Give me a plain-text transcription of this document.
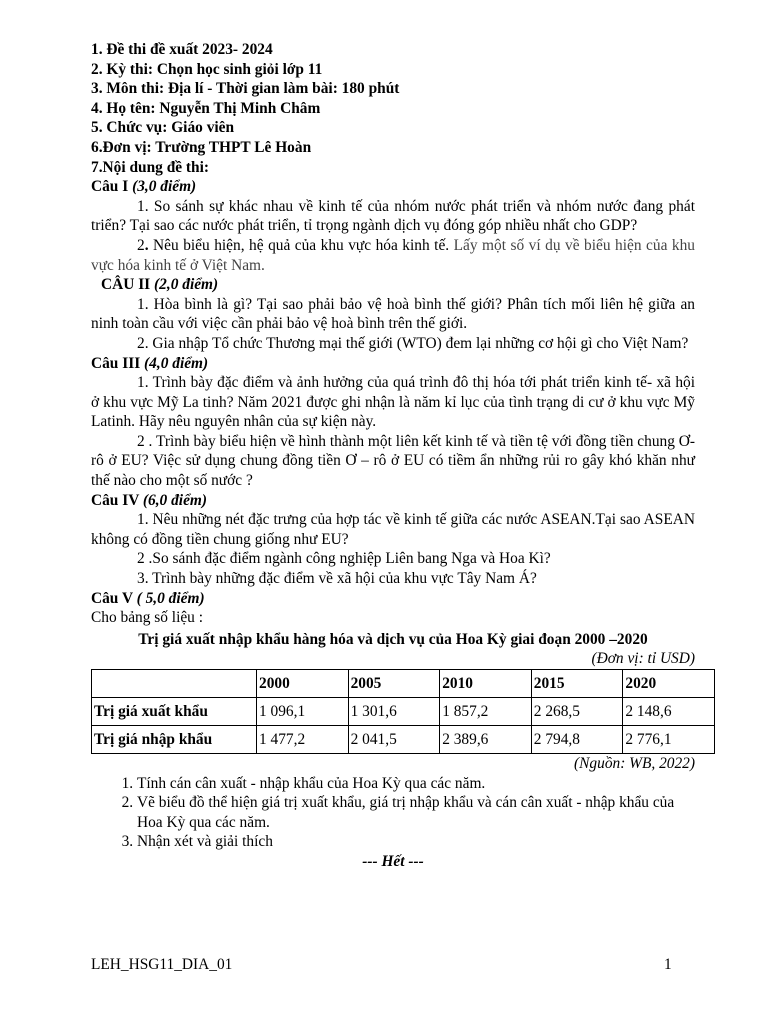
1. Đề thi đề xuất 2023- 2024

2. Kỳ thi: Chọn học sinh giỏi lớp 11

3. Môn thi: Địa lí - Thời gian làm bài: 180 phút

4. Họ tên: Nguyễn Thị Minh Châm

5. Chức vụ: Giáo viên

6.Đơn vị: Trường THPT Lê Hoàn

7.Nội dung đề thi:

Câu I (3,0 điểm)

1. So sánh sự khác nhau về kinh tế của nhóm nước phát triển và nhóm nước đang phát triển? Tại sao các nước phát triển, tỉ trọng ngành dịch vụ đóng góp nhiều nhất cho GDP?

2. Nêu biểu hiện, hệ quả của khu vực hóa kinh tế. Lấy một số ví dụ về biểu hiện của khu vực hóa kinh tế ở Việt Nam.

CÂU II (2,0 điểm)

1. Hòa bình là gì? Tại sao phải bảo vệ hoà bình thế giới? Phân tích mối liên hệ giữa an ninh toàn cầu với việc cần phải bảo vệ hoà bình trên thế giới.

2. Gia nhập Tổ chức Thương mại thế giới (WTO) đem lại những cơ hội gì cho Việt Nam?

Câu III (4,0 điểm)

1. Trình bày đặc điểm và ảnh hưởng của quá trình đô thị hóa tới phát triển kinh tế- xã hội ở khu vực Mỹ La tinh? Năm 2021 được ghi nhận là năm kỉ lục của tình trạng di cư ở khu vực Mỹ Latinh. Hãy nêu nguyên nhân của sự kiện này.

2 . Trình bày biểu hiện về hình thành một liên kết kinh tế và tiền tệ với đồng tiền chung Ơ-rô ở EU? Việc sử dụng chung đồng tiền Ơ – rô ở EU có tiềm ẩn những rủi ro gây khó khăn như thế nào cho một số nước ?

Câu IV (6,0 điểm)

1. Nêu những nét đặc trưng của hợp tác về kinh tế giữa các nước ASEAN.Tại sao ASEAN không có đồng tiền chung giống như EU?

2 .So sánh đặc điểm ngành công nghiệp Liên bang Nga và Hoa Kì?

3. Trình bày những đặc điểm về xã hội của khu vực Tây Nam Á?

Câu V ( 5,0 điểm)

Cho bảng số liệu :

Trị giá xuất nhập khẩu hàng hóa và dịch vụ của Hoa Kỳ giai đoạn 2000 –2020

(Đơn vị: tỉ USD)

	2000	2005	2010	2015	2020
Trị giá xuất khẩu	1 096,1	1 301,6	1 857,2	2 268,5	2 148,6
Trị giá nhập khẩu	1 477,2	2 041,5	2 389,6	2 794,8	2 776,1

(Nguồn: WB, 2022)

1. Tính cán cân xuất - nhập khẩu của Hoa Kỳ qua các năm.
2. Vẽ biểu đồ thể hiện giá trị xuất khẩu, giá trị nhập khẩu và cán cân xuất - nhập khẩu của Hoa Kỳ qua các năm.
3. Nhận xét và giải thích

--- Hết ---

LEH_HSG11_DIA_01	1
